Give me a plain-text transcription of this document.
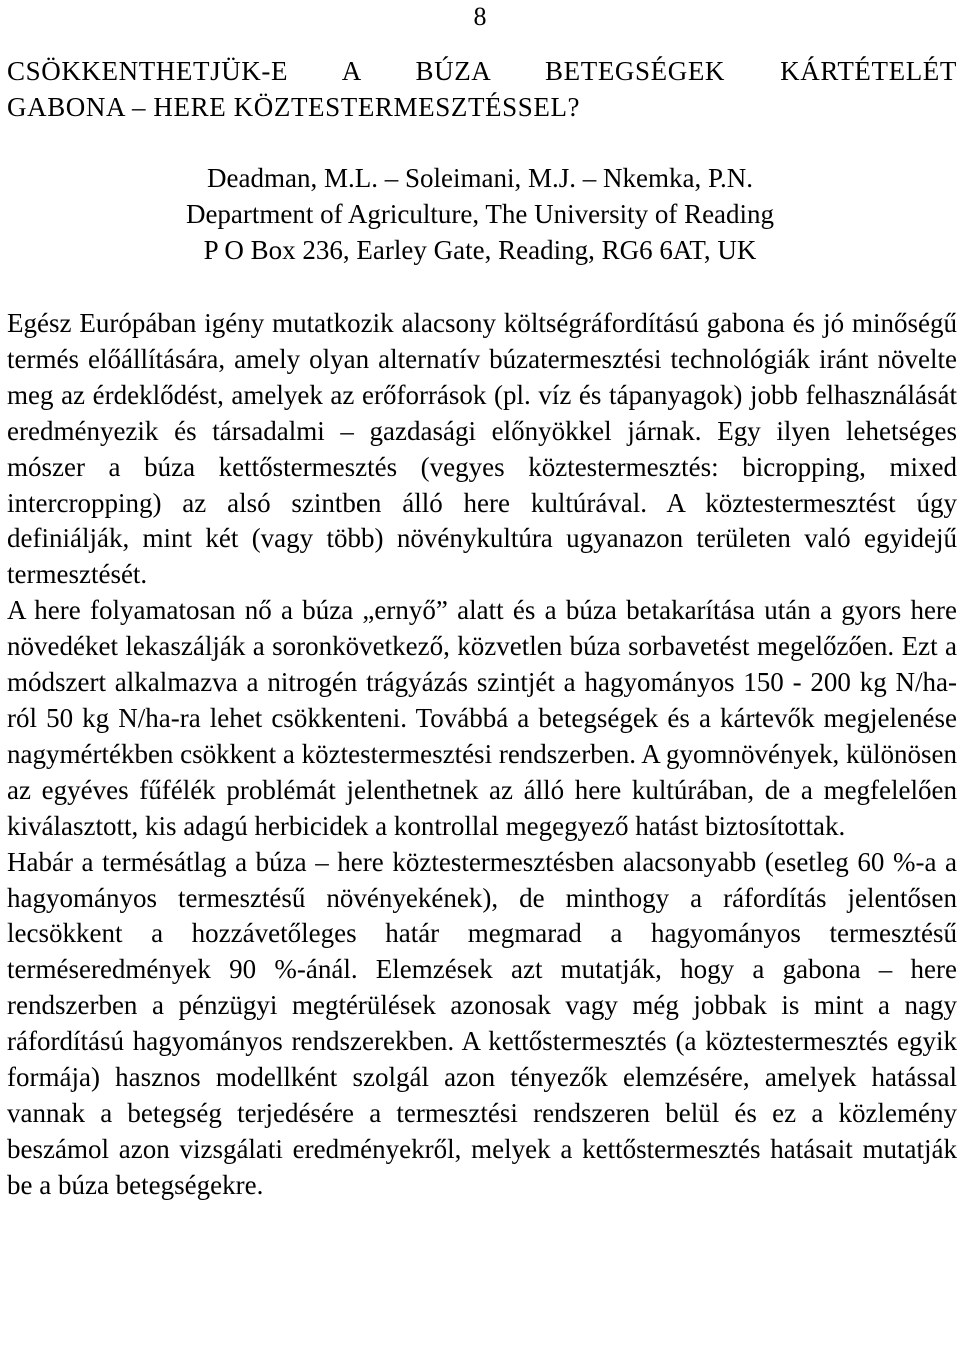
8
CSÖKKENTHETJÜK-E A BÚZA BETEGSÉGEK KÁRTÉTELÉT
GABONA – HERE KÖZTESTERMESZTÉSSEL?
Deadman, M.L. – Soleimani, M.J. – Nkemka, P.N.
Department of Agriculture, The University of Reading
P O Box 236, Earley Gate, Reading, RG6 6AT, UK

Egész Európában igény mutatkozik alacsony költségráfordítású gabona és jó minőségű termés előállítására, amely olyan alternatív búzatermesztési technológiák iránt növelte meg az érdeklődést, amelyek az erőforrások (pl. víz és tápanyagok) jobb felhasználását eredményezik és társadalmi – gazdasági előnyökkel járnak. Egy ilyen lehetséges mószer a búza kettőstermesztés (vegyes köztestermesztés: bicropping, mixed intercropping) az alsó szintben álló here kultúrával. A köztestermesztést úgy definiálják, mint két (vagy több) növénykultúra ugyanazon területen való egyidejű termesztését.

A here folyamatosan nő a búza „ernyő” alatt és a búza betakarítása után a gyors here növedéket lekaszálják a soronkövetkező, közvetlen búza sorbavetést megelőzően. Ezt a módszert alkalmazva a nitrogén trágyázás szintjét a hagyományos 150 - 200 kg N/ha-ról 50 kg N/ha-ra lehet csökkenteni. Továbbá a betegségek és a kártevők megjelenése nagymértékben csökkent a köztestermesztési rendszerben. A gyomnövények, különösen az egyéves fűfélék problémát jelenthetnek az álló here kultúrában, de a megfelelően kiválasztott, kis adagú herbicidek a kontrollal megegyező hatást biztosítottak.

Habár a termésátlag a búza – here köztestermesztésben alacsonyabb (esetleg 60 %-a a hagyományos termesztésű növényekének), de minthogy a ráfordítás jelentősen lecsökkent a hozzávetőleges határ megmarad a hagyományos termesztésű terméseredmények 90 %-ánál. Elemzések azt mutatják, hogy a gabona – here rendszerben a pénzügyi megtérülések azonosak vagy még jobbak is mint a nagy ráfordítású hagyományos rendszerekben. A kettőstermesztés (a köztestermesztés egyik formája) hasznos modellként szolgál azon tényezők elemzésére, amelyek hatással vannak a betegség terjedésére a termesztési rendszeren belül és ez a közlemény beszámol azon vizsgálati eredményekről, melyek a kettőstermesztés hatásait mutatják be a búza betegségekre.
